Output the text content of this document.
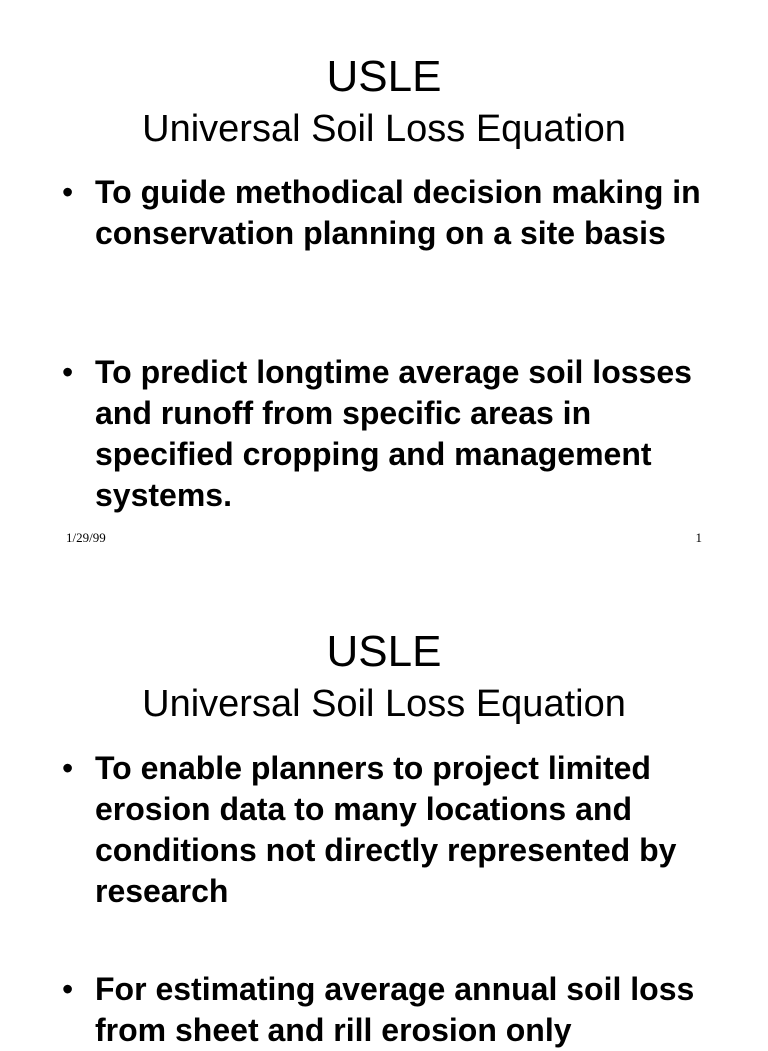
USLE
Universal Soil Loss Equation
• To guide methodical decision making in conservation planning on a site basis
• To predict longtime average soil losses and runoff from specific areas in specified cropping and management systems.
1/29/99	1
USLE
Universal Soil Loss Equation
• To enable planners to project limited erosion data to many locations and conditions not directly represented by research
• For estimating average annual soil loss from sheet and rill erosion only
